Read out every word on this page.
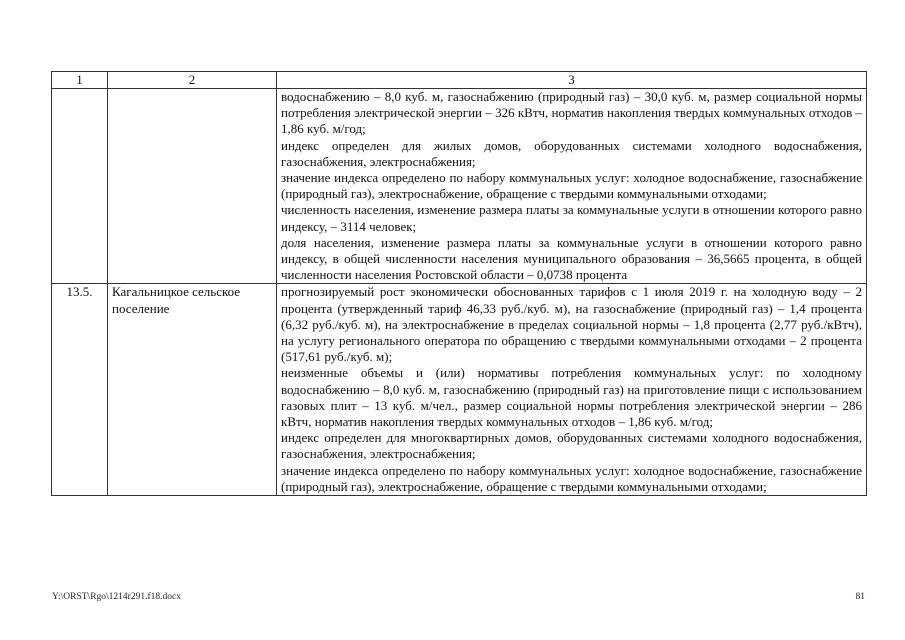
1	2	3

		водоснабжению – 8,0 куб. м, газоснабжению (природный газ) – 30,0 куб. м, размер социальной нормы потребления электрической энергии – 326 кВтч, норматив накопления твердых коммунальных отходов – 1,86 куб. м/год;

индекс определен для жилых домов, оборудованных системами холодного водоснабжения, газоснабжения, электроснабжения;

значение индекса определено по набору коммунальных услуг: холодное водоснабжение, газоснабжение (природный газ), электроснабжение, обращение с твердыми коммунальными отходами;

численность населения, изменение размера платы за коммунальные услуги в отношении которого равно индексу, – 3114 человек;

доля населения, изменение размера платы за коммунальные услуги в отношении которого равно индексу, в общей численности населения муниципального образования – 36,5665 процента, в общей численности населения Ростовской области – 0,0738 процента

13.5.	Кагальницкое сельское поселение	прогнозируемый рост экономически обоснованных тарифов с 1 июля 2019 г. на холодную воду – 2 процента (утвержденный тариф 46,33 руб./куб. м), на газоснабжение (природный газ) – 1,4 процента (6,32 руб./куб. м), на электроснабжение в пределах социальной нормы – 1,8 процента (2,77 руб./кВтч), на услугу регионального оператора по обращению с твердыми коммунальными отходами – 2 процента (517,61 руб./куб. м);

неизменные объемы и (или) нормативы потребления коммунальных услуг: по холодному водоснабжению – 8,0 куб. м, газоснабжению (природный газ) на приготовление пищи с использованием газовых плит – 13 куб. м/чел., размер социальной нормы потребления электрической энергии – 286 кВтч, норматив накопления твердых коммунальных отходов – 1,86 куб. м/год;

индекс определен для многоквартирных домов, оборудованных системами холодного водоснабжения, газоснабжения, электроснабжения;

значение индекса определено по набору коммунальных услуг: холодное водоснабжение, газоснабжение (природный газ), электроснабжение, обращение с твердыми коммунальными отходами;

Y:\ORST\Rgo\1214r291.f18.docx	81
